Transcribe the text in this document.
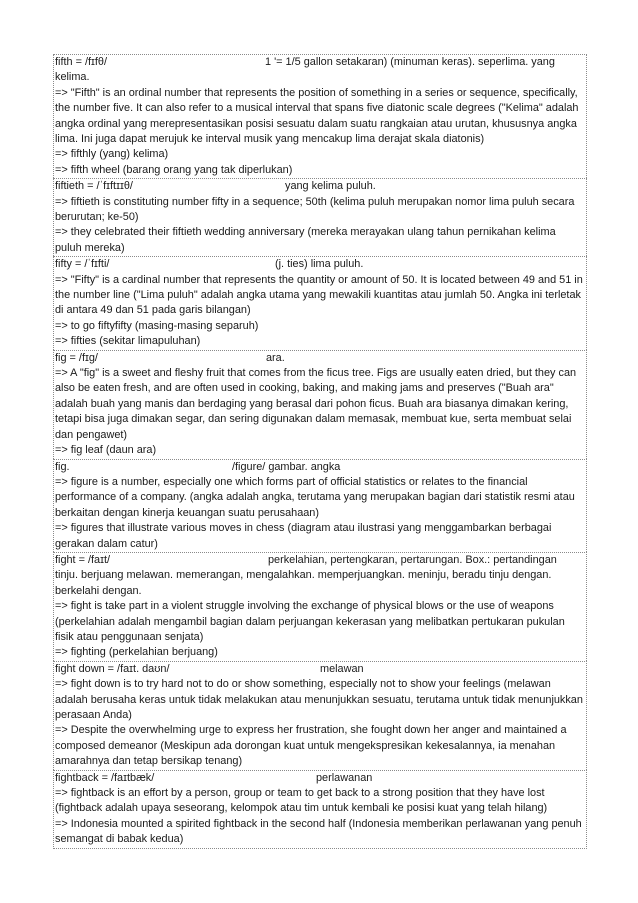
fifth = /fɪfθ/	1 '= 1/5 gallon setakaran) (minuman keras). seperlima. yang
kelima.
=> "Fifth" is an ordinal number that represents the position of something in a series or sequence, specifically, the number five. It can also refer to a musical interval that spans five diatonic scale degrees ("Kelima" adalah angka ordinal yang merepresentasikan posisi sesuatu dalam suatu rangkaian atau urutan, khususnya angka lima. Ini juga dapat merujuk ke interval musik yang mencakup lima derajat skala diatonis)
=> fifthly (yang) kelima)
=> fifth wheel (barang orang yang tak diperlukan)
fiftieth = /ˈfɪftɪɪθ/	yang kelima puluh.
=> fiftieth is constituting number fifty in a sequence; 50th (kelima puluh merupakan nomor lima puluh secara berurutan; ke-50)
=> they celebrated their fiftieth wedding anniversary (mereka merayakan ulang tahun pernikahan kelima puluh mereka)
fifty = /ˈfɪfti/	(j. ties) lima puluh.
=> "Fifty" is a cardinal number that represents the quantity or amount of 50. It is located between 49 and 51 in the number line ("Lima puluh" adalah angka utama yang mewakili kuantitas atau jumlah 50. Angka ini terletak di antara 49 dan 51 pada garis bilangan)
=> to go fiftyfifty (masing-masing separuh)
=> fifties (sekitar limapuluhan)
fig = /fɪɡ/	ara.
=> A "fig" is a sweet and fleshy fruit that comes from the ficus tree. Figs are usually eaten dried, but they can also be eaten fresh, and are often used in cooking, baking, and making jams and preserves ("Buah ara" adalah buah yang manis dan berdaging yang berasal dari pohon ficus. Buah ara biasanya dimakan kering, tetapi bisa juga dimakan segar, dan sering digunakan dalam memasak, membuat kue, serta membuat selai dan pengawet)
=> fig leaf (daun ara)
fig.	/figure/ gambar. angka
=> figure is a number, especially one which forms part of official statistics or relates to the financial performance of a company. (angka adalah angka, terutama yang merupakan bagian dari statistik resmi atau berkaitan dengan kinerja keuangan suatu perusahaan)
=> figures that illustrate various moves in chess (diagram atau ilustrasi yang menggambarkan berbagai gerakan dalam catur)
fight = /faɪt/	perkelahian, pertengkaran, pertarungan. Box.: pertandingan
tinju. berjuang melawan. memerangan, mengalahkan. memperjuangkan. meninju, beradu tinju dengan. berkelahi dengan.
=> fight is take part in a violent struggle involving the exchange of physical blows or the use of weapons (perkelahian adalah mengambil bagian dalam perjuangan kekerasan yang melibatkan pertukaran pukulan fisik atau penggunaan senjata)
=> fighting (perkelahian berjuang)
fight down = /faɪt. daʊn/	melawan
=> fight down is to try hard not to do or show something, especially not to show your feelings (melawan adalah berusaha keras untuk tidak melakukan atau menunjukkan sesuatu, terutama untuk tidak menunjukkan perasaan Anda)
=> Despite the overwhelming urge to express her frustration, she fought down her anger and maintained a composed demeanor (Meskipun ada dorongan kuat untuk mengekspresikan kekesalannya, ia menahan amarahnya dan tetap bersikap tenang)
fightback = /faɪtbæk/	perlawanan
=> fightback is an effort by a person, group or team to get back to a strong position that they have lost (fightback adalah upaya seseorang, kelompok atau tim untuk kembali ke posisi kuat yang telah hilang)
=> Indonesia mounted a spirited fightback in the second half (Indonesia memberikan perlawanan yang penuh semangat di babak kedua)
